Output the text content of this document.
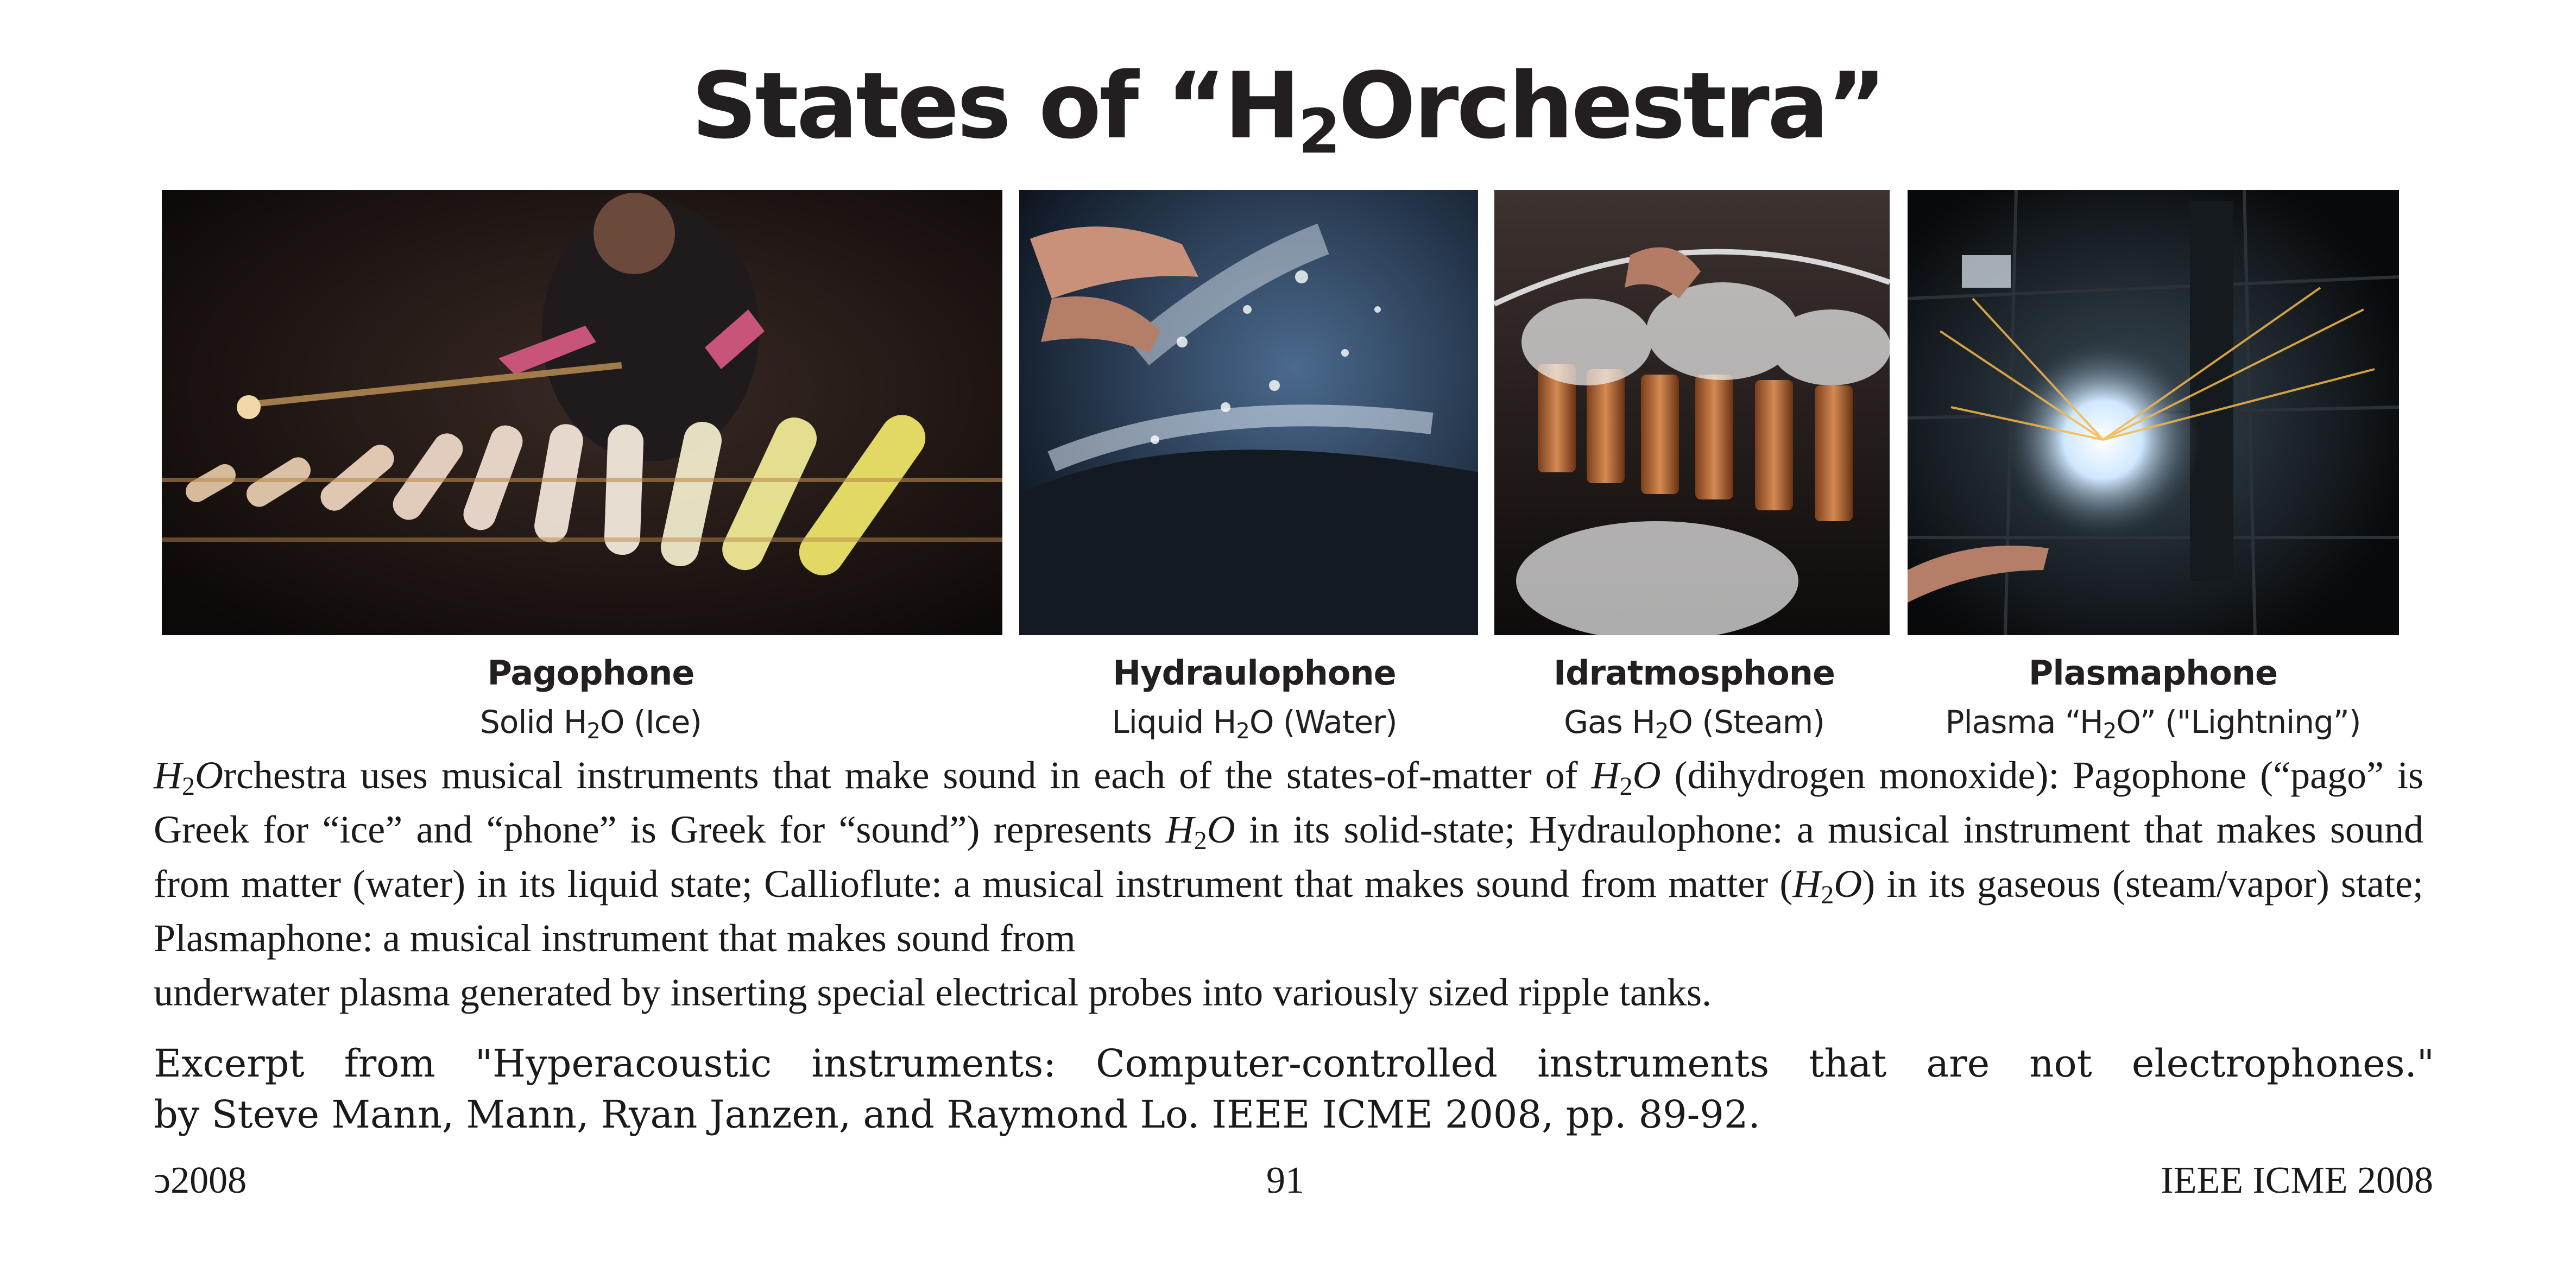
States of “$H_2Orchestra$”
Pagophone
Solid $H_2O$ (Ice)
Hydraulophone
Liquid $H_2O$ (Water)
Idratmosphone
Gas $H_2O$ (Steam)
Plasmaphone
Plasma “$H_2O$” ("Lightning”)
$H_2Orchestra$ uses musical instruments that make sound in each of the states-of-matter of $H_2O$ (dihydrogen monoxide): Pagophone (“pago” is Greek for “ice” and “phone” is Greek for “sound”) represents $H_2O$ in its solid-state; Hydraulophone: a musical instrument that makes sound from matter (water) in its liquid state; Callioflute: a musical instrument that makes sound from matter $(H_2O)$ in its gaseous (steam/vapor) state; Plasmaphone: a musical instrument that makes sound from
underwater plasma generated by inserting special electrical probes into variously sized ripple tanks.
Excerpt from "Hyperacoustic instruments: Computer-controlled instruments that are not electrophones."
by Steve Mann, Mann, Ryan Janzen, and Raymond Lo. IEEE ICME 2008, pp. 89-92.
ↄ2008	91	IEEE ICME 2008
